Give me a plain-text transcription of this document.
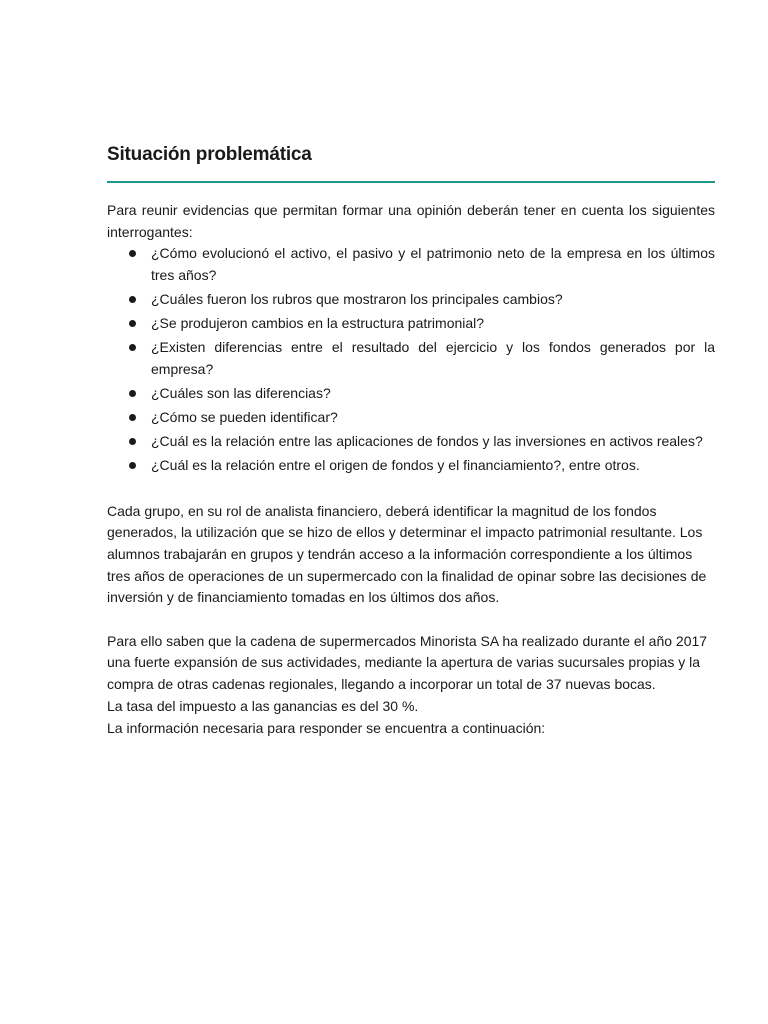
Situación problemática

Para reunir evidencias que permitan formar una opinión deberán tener en cuenta los siguientes interrogantes:

¿Cómo evolucionó el activo, el pasivo y el patrimonio neto de la empresa en los últimos tres años?
¿Cuáles fueron los rubros que mostraron los principales cambios?
¿Se produjeron cambios en la estructura patrimonial?
¿Existen diferencias entre el resultado del ejercicio y los fondos generados por la empresa?
¿Cuáles son las diferencias?
¿Cómo se pueden identificar?
¿Cuál es la relación entre las aplicaciones de fondos y las inversiones en activos reales?
¿Cuál es la relación entre el origen de fondos y el financiamiento?, entre otros.

Cada grupo, en su rol de analista financiero, deberá identificar la magnitud de los fondos generados, la utilización que se hizo de ellos y determinar el impacto patrimonial resultante. Los alumnos trabajarán en grupos y tendrán acceso a la información correspondiente a los últimos tres años de operaciones de un supermercado con la finalidad de opinar sobre las decisiones de inversión y de financiamiento tomadas en los últimos dos años.

Para ello saben que la cadena de supermercados Minorista SA ha realizado durante el año 2017 una fuerte expansión de sus actividades, mediante la apertura de varias sucursales propias y la compra de otras cadenas regionales, llegando a incorporar un total de 37 nuevas bocas.

La tasa del impuesto a las ganancias es del 30 %.

La información necesaria para responder se encuentra a continuación:
